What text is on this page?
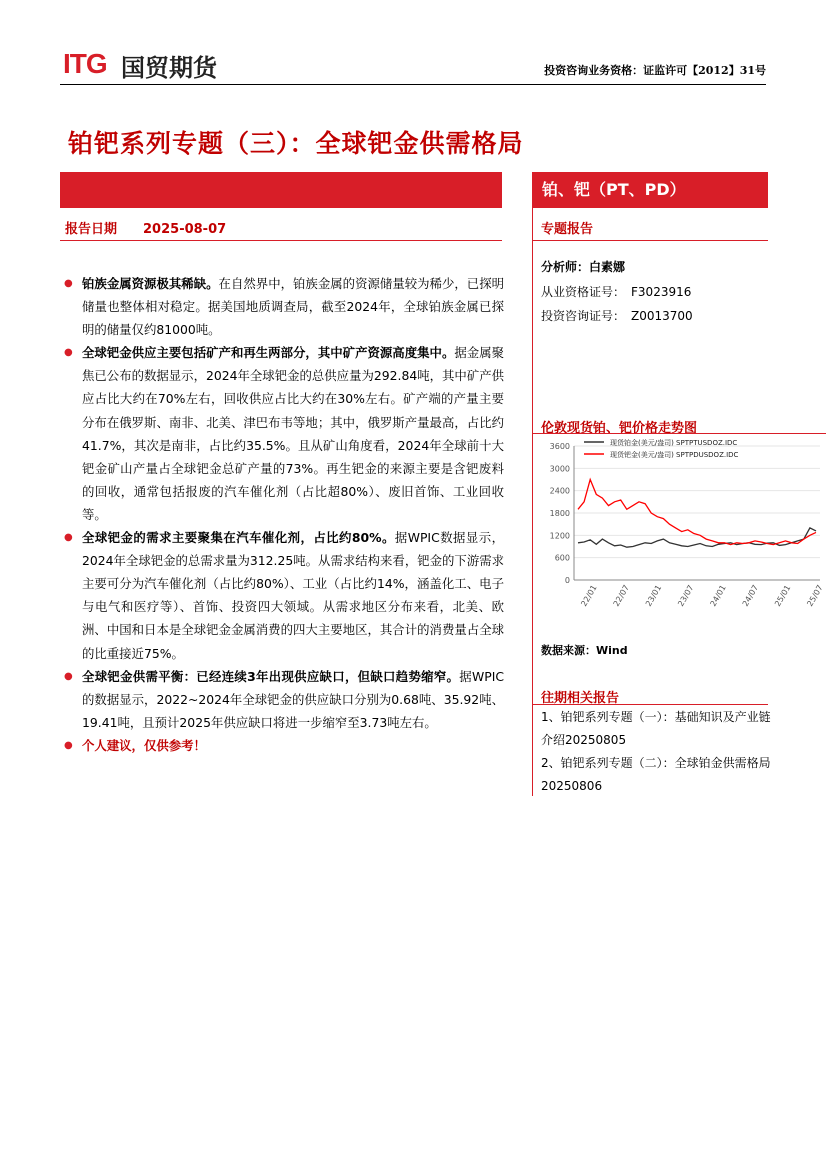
ITG 国贸期货	投资咨询业务资格：证监许可【2012】31号
铂钯系列专题（三）：全球钯金供需格局
铂、钯（PT、PD）
报告日期 2025-08-07	专题报告
● 铂族金属资源极其稀缺。在自然界中，铂族金属的资源储量较为稀少，已探明储量也整体相对稳定。据美国地质调查局，截至2024年，全球铂族金属已探明的储量仅约81000吨。
● 全球钯金供应主要包括矿产和再生两部分，其中矿产资源高度集中。据金属聚焦已公布的数据显示，2024年全球钯金的总供应量为292.84吨，其中矿产供应占比大约在70%左右，回收供应占比大约在30%左右。矿产端的产量主要分布在俄罗斯、南非、北美、津巴布韦等地；其中，俄罗斯产量最高，占比约41.7%，其次是南非，占比约35.5%。且从矿山角度看，2024年全球前十大钯金矿山产量占全球钯金总矿产量的73%。再生钯金的来源主要是含钯废料的回收，通常包括报废的汽车催化剂（占比超80%）、废旧首饰、工业回收等。
● 全球钯金的需求主要聚集在汽车催化剂，占比约80%。据WPIC数据显示，2024年全球钯金的总需求量为312.25吨。从需求结构来看，钯金的下游需求主要可分为汽车催化剂（占比约80%）、工业（占比约14%，涵盖化工、电子与电气和医疗等）、首饰、投资四大领域。从需求地区分布来看，北美、欧洲、中国和日本是全球钯金金属消费的四大主要地区，其合计的消费量占全球的比重接近75%。
● 全球钯金供需平衡：已经连续3年出现供应缺口，但缺口趋势缩窄。据WPIC的数据显示，2022~2024年全球钯金的供应缺口分别为0.68吨、35.92吨、19.41吨，且预计2025年供应缺口将进一步缩窄至3.73吨左右。
● 个人建议，仅供参考！
分析师：白素娜
从业资格证号： F3023916
投资咨询证号： Z0013700
伦敦现货铂、钯价格走势图
0
600
1200
1800
2400
3000
3600
22/01 22/07 23/01 23/07 24/01 24/07 25/01 25/07
现货铂金(美元/盎司) SPTPTUSDOZ.IDC
现货钯金(美元/盎司) SPTPDUSDOZ.IDC
数据来源：Wind
往期相关报告
1、铂钯系列专题（一）：基础知识及产业链介绍20250805
2、铂钯系列专题（二）：全球铂金供需格局20250806
